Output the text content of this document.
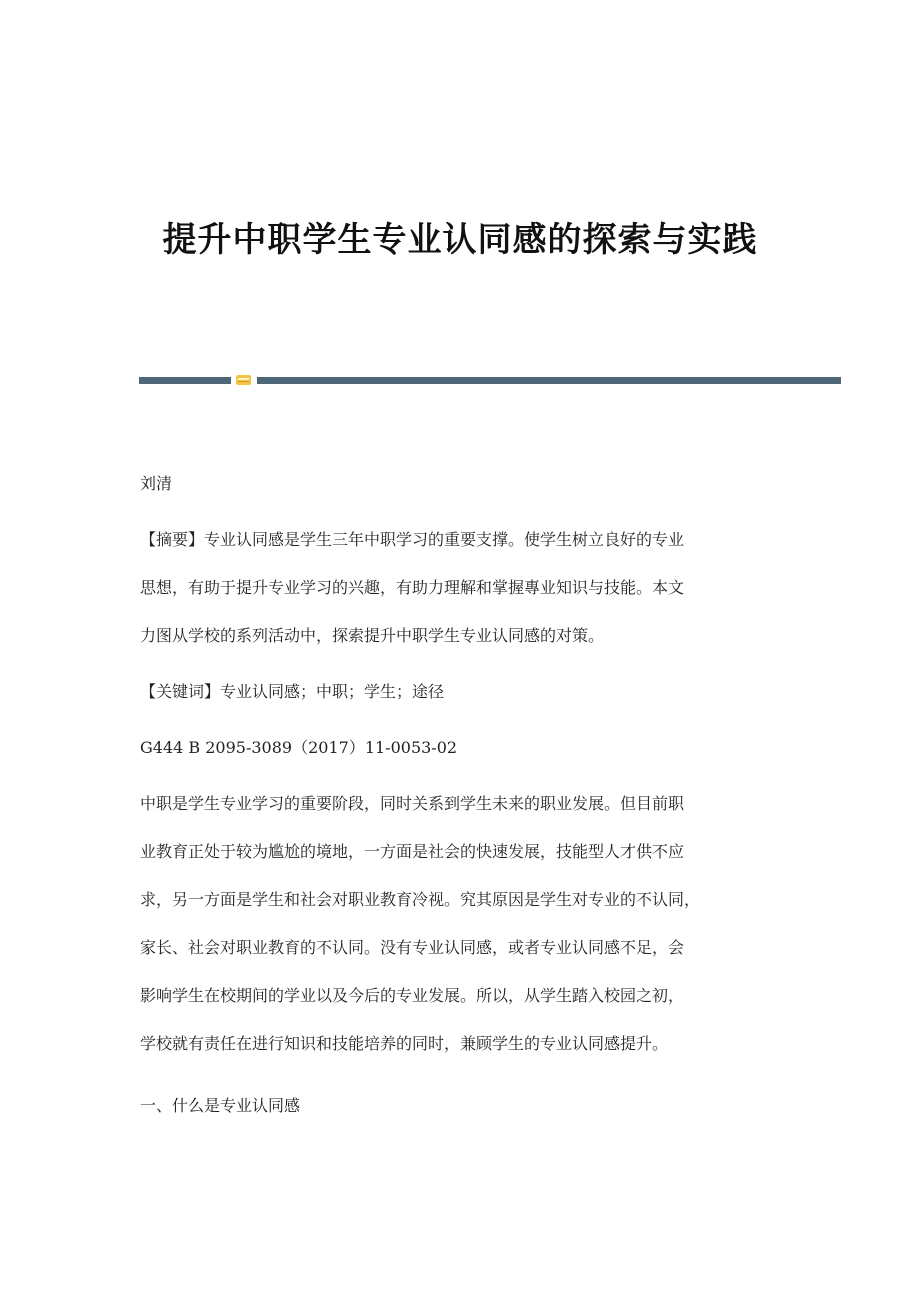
提升中职学生专业认同感的探索与实践
刘清
【摘要】专业认同感是学生三年中职学习的重要支撑。使学生树立良好的专业
思想，有助于提升专业学习的兴趣，有助力理解和掌握專业知识与技能。本文
力图从学校的系列活动中，探索提升中职学生专业认同感的对策。
【关键词】专业认同感；中职；学生；途径
G444 B 2095-3089（2017）11-0053-02
中职是学生专业学习的重要阶段，同时关系到学生未来的职业发展。但目前职
业教育正处于较为尴尬的境地，一方面是社会的快速发展，技能型人才供不应
求，另一方面是学生和社会对职业教育冷视。究其原因是学生对专业的不认同，
家长、社会对职业教育的不认同。没有专业认同感，或者专业认同感不足，会
影响学生在校期间的学业以及今后的专业发展。所以，从学生踏入校园之初，
学校就有责任在进行知识和技能培养的同时，兼顾学生的专业认同感提升。
一、什么是专业认同感
